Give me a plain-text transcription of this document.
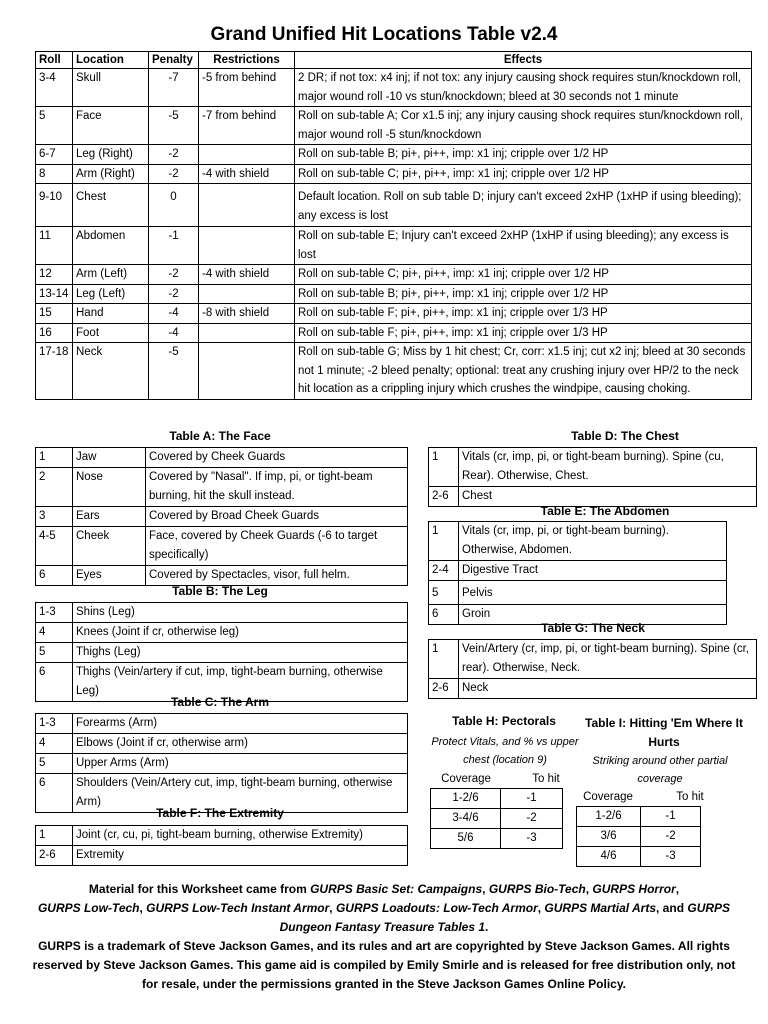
Grand Unified Hit Locations Table v2.4
Roll	Location	Penalty	Restrictions	Effects
3-4	Skull	-7	-5 from behind	2 DR; if not tox: x4 inj; if not tox: any injury causing shock requires stun/knockdown roll, major wound roll -10 vs stun/knockdown; bleed at 30 seconds not 1 minute
5	Face	-5	-7 from behind	Roll on sub-table A; Cor x1.5 inj; any injury causing shock requires stun/knockdown roll, major wound roll -5 stun/knockdown
6-7	Leg (Right)	-2		Roll on sub-table B; pi+, pi++, imp: x1 inj; cripple over 1/2 HP
8	Arm (Right)	-2	-4 with shield	Roll on sub-table C; pi+, pi++, imp: x1 inj; cripple over 1/2 HP
9-10	Chest	0		Default location. Roll on sub table D; injury can't exceed 2xHP (1xHP if using bleeding); any excess is lost
11	Abdomen	-1		Roll on sub-table E; Injury can't exceed 2xHP (1xHP if using bleeding); any excess is lost
12	Arm (Left)	-2	-4 with shield	Roll on sub-table C; pi+, pi++, imp: x1 inj; cripple over 1/2 HP
13-14	Leg (Left)	-2		Roll on sub-table B; pi+, pi++, imp: x1 inj; cripple over 1/2 HP
15	Hand	-4	-8 with shield	Roll on sub-table F; pi+, pi++, imp: x1 inj; cripple over 1/3 HP
16	Foot	-4		Roll on sub-table F; pi+, pi++, imp: x1 inj; cripple over 1/3 HP
17-18	Neck	-5		Roll on sub-table G; Miss by 1 hit chest; Cr, corr: x1.5 inj; cut x2 inj; bleed at 30 seconds not 1 minute; -2 bleed penalty; optional: treat any crushing injury over HP/2 to the neck hit location as a crippling injury which crushes the windpipe, causing choking.
Table A: The Face
1	Jaw	Covered by Cheek Guards
2	Nose	Covered by "Nasal". If imp, pi, or tight-beam burning, hit the skull instead.
3	Ears	Covered by Broad Cheek Guards
4-5	Cheek	Face, covered by Cheek Guards (-6 to target specifically)
6	Eyes	Covered by Spectacles, visor, full helm.
Table B: The Leg
1-3	Shins (Leg)
4	Knees (Joint if cr, otherwise leg)
5	Thighs (Leg)
6	Thighs (Vein/artery if cut, imp, tight-beam burning, otherwise Leg)
Table C: The Arm
1-3	Forearms (Arm)
4	Elbows (Joint if cr, otherwise arm)
5	Upper Arms (Arm)
6	Shoulders (Vein/Artery cut, imp, tight-beam burning, otherwise Arm)
Table F: The Extremity
1	Joint (cr, cu, pi, tight-beam burning, otherwise Extremity)
2-6	Extremity
Table D: The Chest
1	Vitals (cr, imp, pi, or tight-beam burning). Spine (cu, Rear). Otherwise, Chest.
2-6	Chest
Table E: The Abdomen
1	Vitals (cr, imp, pi, or tight-beam burning). Otherwise, Abdomen.
2-4	Digestive Tract
5	Pelvis
6	Groin
Table G: The Neck
1	Vein/Artery (cr, imp, pi, or tight-beam burning). Spine (cr, rear). Otherwise, Neck.
2-6	Neck
Table H: Pectorals
Protect Vitals, and % vs upper chest (location 9)
Coverage	To hit
1-2/6	-1
3-4/6	-2
5/6	-3
Table I: Hitting 'Em Where It Hurts
Striking around other partial coverage
Coverage	To hit
1-2/6	-1
3/6	-2
4/6	-3
Material for this Worksheet came from GURPS Basic Set: Campaigns, GURPS Bio-Tech, GURPS Horror,
GURPS Low-Tech, GURPS Low-Tech Instant Armor, GURPS Loadouts: Low-Tech Armor, GURPS Martial Arts, and GURPS
Dungeon Fantasy Treasure Tables 1.
GURPS is a trademark of Steve Jackson Games, and its rules and art are copyrighted by Steve Jackson Games. All rights reserved by Steve Jackson Games. This game aid is compiled by Emily Smirle and is released for free distribution only, not for resale, under the permissions granted in the Steve Jackson Games Online Policy.
